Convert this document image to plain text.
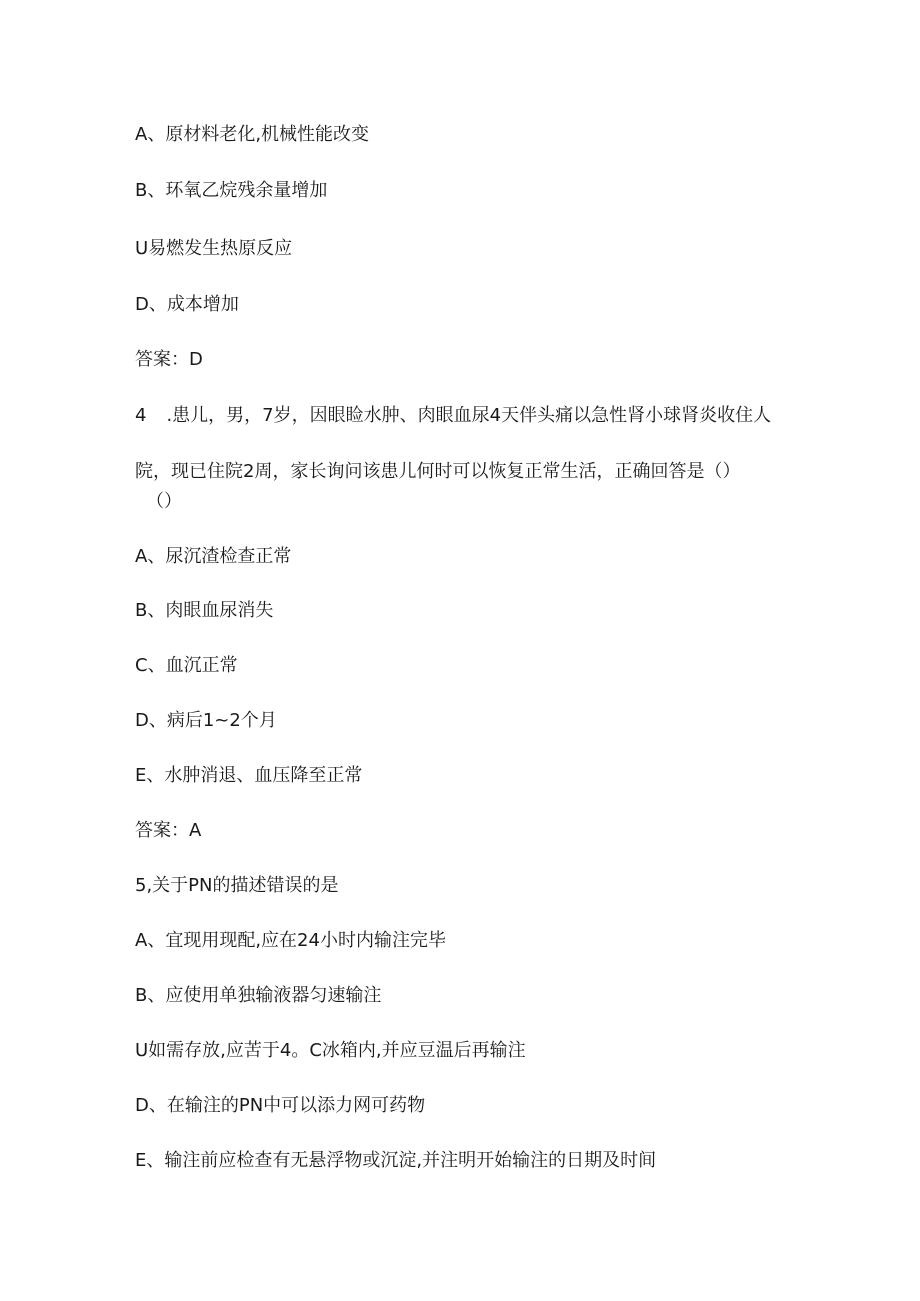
A、原材料老化,机械性能改变
B、环氧乙烷残余量增加
U易燃发生热原反应
D、成本增加
答案：D
4 .患儿，男，7岁，因眼睑水肿、肉眼血尿4天伴头痛以急性肾小球肾炎收住人
院，现已住院2周，家长询问该患儿何时可以恢复正常生活，正确回答是（）
（）
A、尿沉渣检查正常
B、肉眼血尿消失
C、血沉正常
D、病后1~2个月
E、水肿消退、血压降至正常
答案：A
5,关于PN的描述错误的是
A、宜现用现配,应在24小时内输注完毕
B、应使用单独输液器匀速输注
U如需存放,应苦于4。C冰箱内,并应豆温后再输注
D、在输注的PN中可以添力网可药物
E、输注前应检查有无悬浮物或沉淀,并注明开始输注的日期及时间
